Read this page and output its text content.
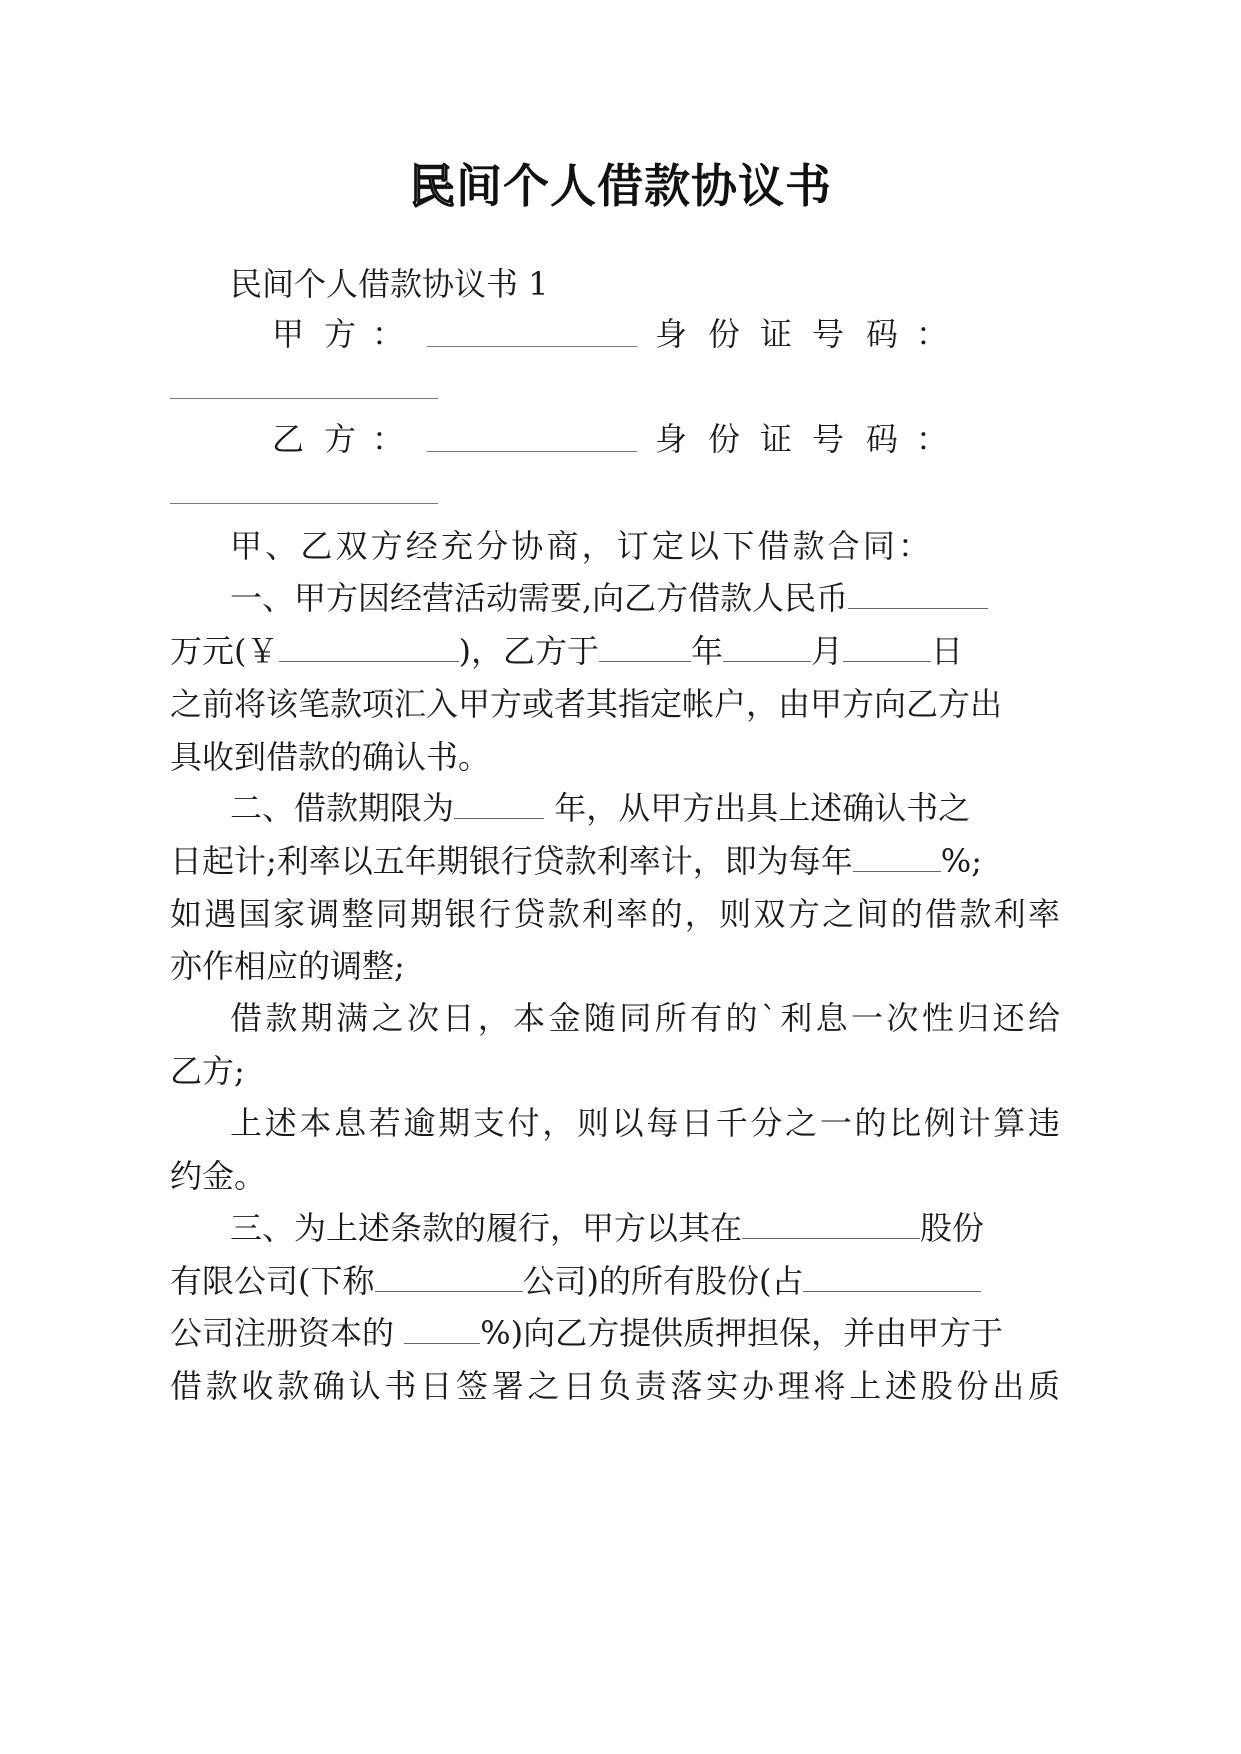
民间个人借款协议书
民间个人借款协议书 1
甲 方 ：	身 份 证 号 码 ：
乙 方 ：	身 份 证 号 码 ：
甲、乙双方经充分协商，订定以下借款合同：
一、甲方因经营活动需要,向乙方借款人民币
万元(￥	)，乙方于	年	月	日
之前将该笔款项汇入甲方或者其指定帐户，由甲方向乙方出
具收到借款的确认书。
二、借款期限为	年，从甲方出具上述确认书之
日起计;利率以五年期银行贷款利率计，即为每年	%;
如遇国家调整同期银行贷款利率的，则双方之间的借款利率
亦作相应的调整;
借款期满之次日，本金随同所有的`利息一次性归还给
乙方;
上述本息若逾期支付，则以每日千分之一的比例计算违
约金。
三、为上述条款的履行，甲方以其在	股份
有限公司(下称	公司)的所有股份(占
公司注册资本的 %)向乙方提供质押担保，并由甲方于
借款收款确认书日签署之日负责落实办理将上述股份出质
